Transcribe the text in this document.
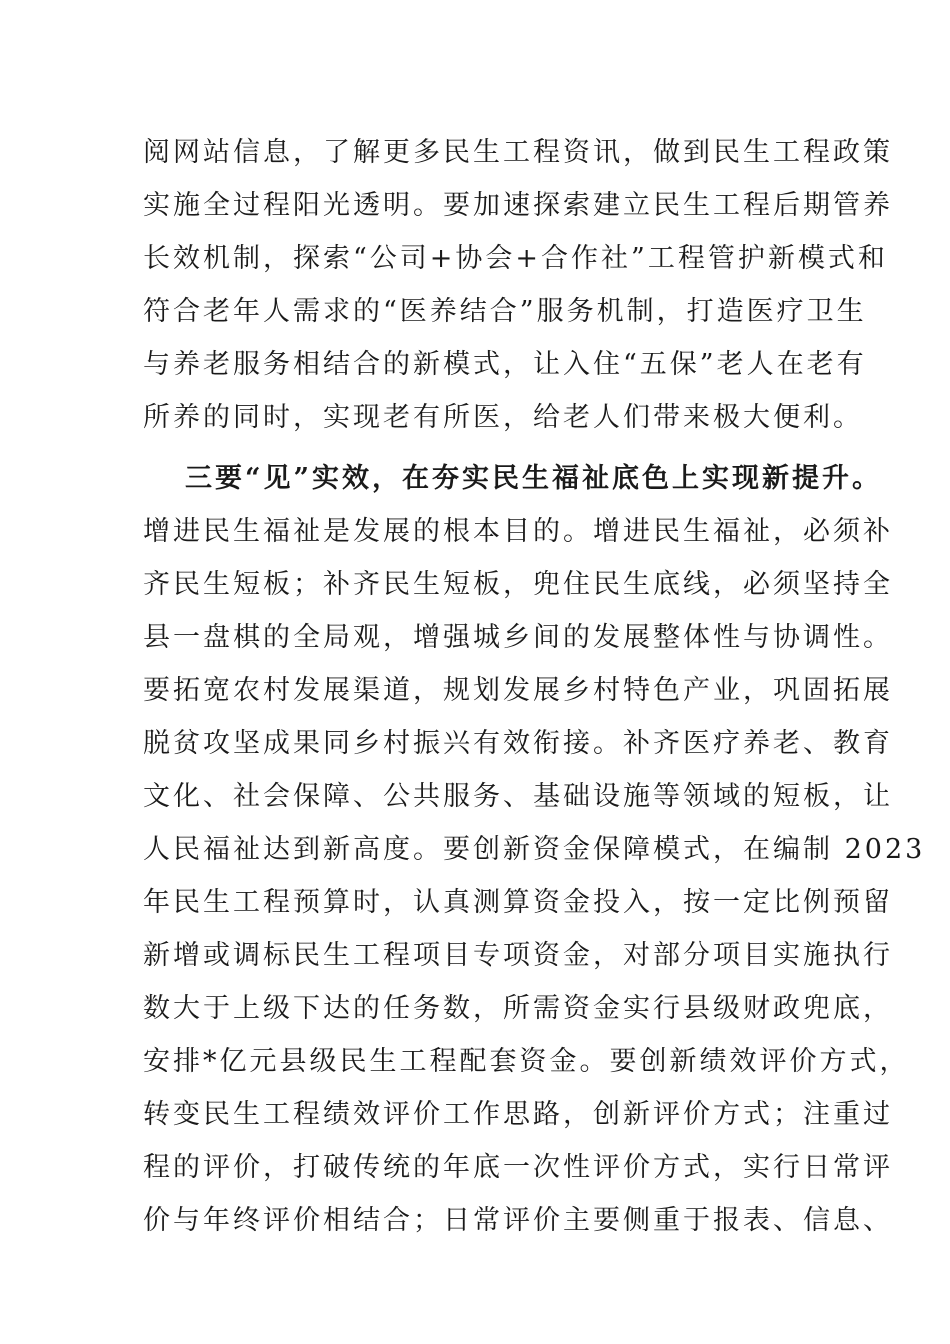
阅网站信息，了解更多民生工程资讯，做到民生工程政策
实施全过程阳光透明。要加速探索建立民生工程后期管养
长效机制，探索“公司+协会+合作社”工程管护新模式和
符合老年人需求的“医养结合”服务机制，打造医疗卫生
与养老服务相结合的新模式，让入住“五保”老人在老有
所养的同时，实现老有所医，给老人们带来极大便利。
三要“见”实效，在夯实民生福祉底色上实现新提升。
增进民生福祉是发展的根本目的。增进民生福祉，必须补
齐民生短板；补齐民生短板，兜住民生底线，必须坚持全
县一盘棋的全局观，增强城乡间的发展整体性与协调性。
要拓宽农村发展渠道，规划发展乡村特色产业，巩固拓展
脱贫攻坚成果同乡村振兴有效衔接。补齐医疗养老、教育
文化、社会保障、公共服务、基础设施等领域的短板，让
人民福祉达到新高度。要创新资金保障模式，在编制 2023
年民生工程预算时，认真测算资金投入，按一定比例预留
新增或调标民生工程项目专项资金，对部分项目实施执行
数大于上级下达的任务数，所需资金实行县级财政兜底，
安排*亿元县级民生工程配套资金。要创新绩效评价方式，
转变民生工程绩效评价工作思路，创新评价方式；注重过
程的评价，打破传统的年底一次性评价方式，实行日常评
价与年终评价相结合；日常评价主要侧重于报表、信息、
